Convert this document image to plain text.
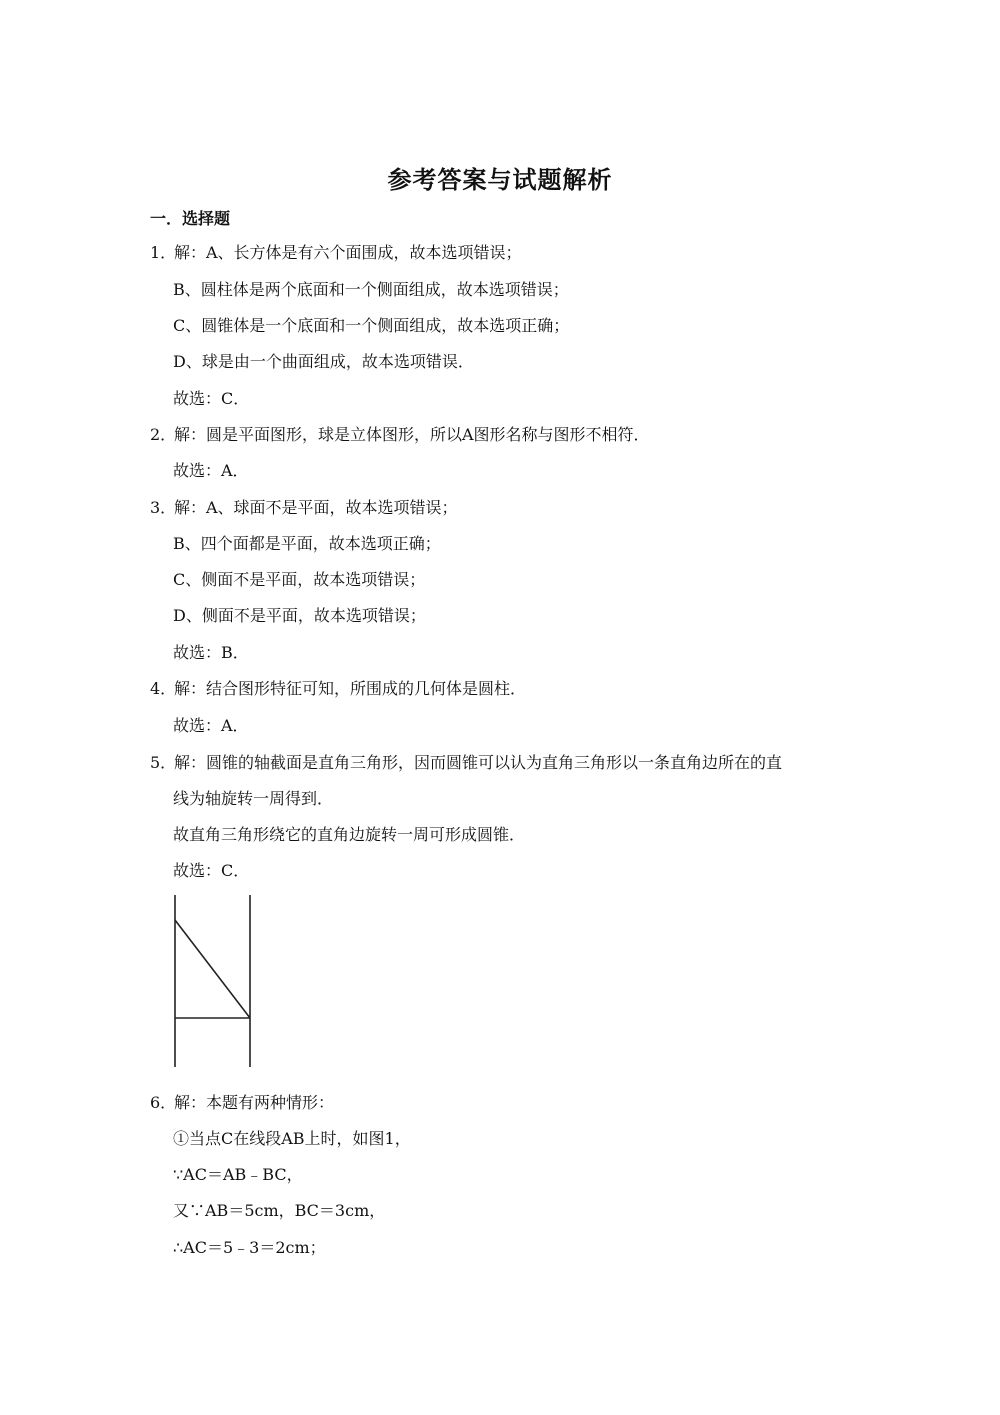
参考答案与试题解析
一．选择题
1．解：A、长方体是有六个面围成，故本选项错误；
B、圆柱体是两个底面和一个侧面组成，故本选项错误；
C、圆锥体是一个底面和一个侧面组成，故本选项正确；
D、球是由一个曲面组成，故本选项错误．
故选：C．
2．解：圆是平面图形，球是立体图形，所以A图形名称与图形不相符．
故选：A．
3．解：A、球面不是平面，故本选项错误；
B、四个面都是平面，故本选项正确；
C、侧面不是平面，故本选项错误；
D、侧面不是平面，故本选项错误；
故选：B．
4．解：结合图形特征可知，所围成的几何体是圆柱．
故选：A．
5．解：圆锥的轴截面是直角三角形，因而圆锥可以认为直角三角形以一条直角边所在的直
线为轴旋转一周得到．
故直角三角形绕它的直角边旋转一周可形成圆锥．
故选：C．
6．解：本题有两种情形：
①当点C在线段AB上时，如图1，
∵AC＝AB﹣BC，
又∵AB＝5cm，BC＝3cm，
∴AC＝5﹣3＝2cm；
